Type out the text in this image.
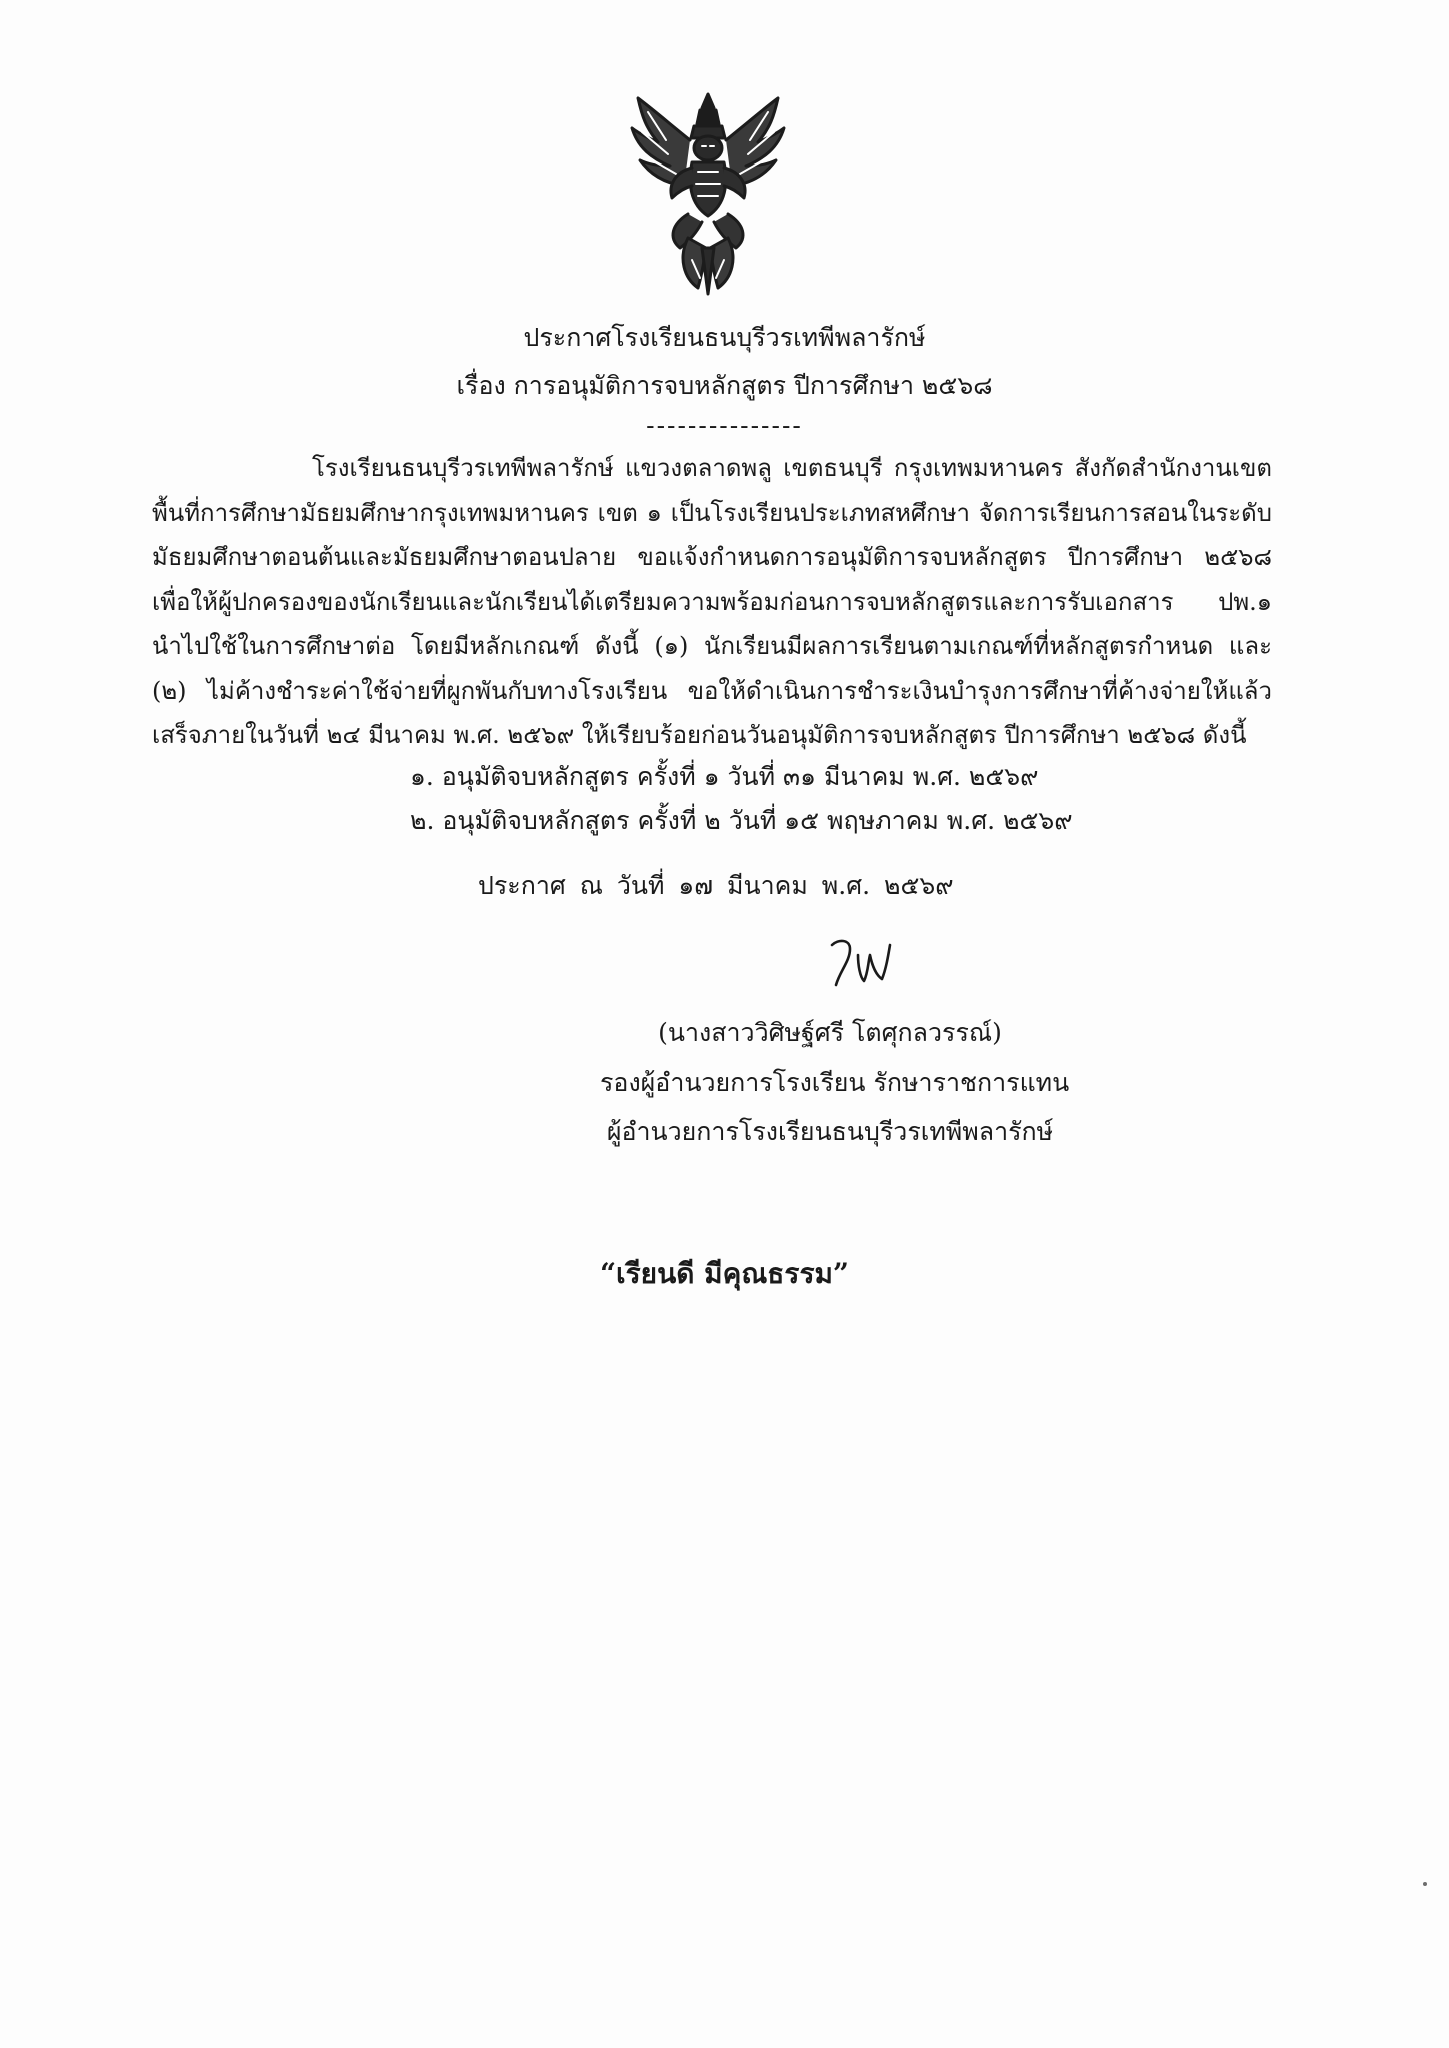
ประกาศโรงเรียนธนบุรีวรเทพีพลารักษ์
เรื่อง การอนุมัติการจบหลักสูตร ปีการศึกษา ๒๕๖๘
---------------
โรงเรียนธนบุรีวรเทพีพลารักษ์ แขวงตลาดพลู เขตธนบุรี กรุงเทพมหานคร สังกัดสำนักงานเขตพื้นที่การศึกษามัธยมศึกษากรุงเทพมหานคร เขต ๑ เป็นโรงเรียนประเภทสหศึกษา จัดการเรียนการสอนในระดับมัธยมศึกษาตอนต้นและมัธยมศึกษาตอนปลาย ขอแจ้งกำหนดการอนุมัติการจบหลักสูตร ปีการศึกษา ๒๕๖๘ เพื่อให้ผู้ปกครองของนักเรียนและนักเรียนได้เตรียมความพร้อมก่อนการจบหลักสูตรและการรับเอกสาร ปพ.๑ นำไปใช้ในการศึกษาต่อ โดยมีหลักเกณฑ์ ดังนี้ (๑) นักเรียนมีผลการเรียนตามเกณฑ์ที่หลักสูตรกำหนด และ (๒) ไม่ค้างชำระค่าใช้จ่ายที่ผูกพันกับทางโรงเรียน ขอให้ดำเนินการชำระเงินบำรุงการศึกษาที่ค้างจ่ายให้แล้วเสร็จภายในวันที่ ๒๔ มีนาคม พ.ศ. ๒๕๖๙ ให้เรียบร้อยก่อนวันอนุมัติการจบหลักสูตร ปีการศึกษา ๒๕๖๘ ดังนี้
๑. อนุมัติจบหลักสูตร ครั้งที่ ๑ วันที่ ๓๑ มีนาคม พ.ศ. ๒๕๖๙
๒. อนุมัติจบหลักสูตร ครั้งที่ ๒ วันที่ ๑๕ พฤษภาคม พ.ศ. ๒๕๖๙
ประกาศ ณ วันที่ ๑๗ มีนาคม พ.ศ. ๒๕๖๙
(นางสาววิศิษฐ์ศรี โตศุกลวรรณ์)
รองผู้อำนวยการโรงเรียน รักษาราชการแทน
ผู้อำนวยการโรงเรียนธนบุรีวรเทพีพลารักษ์
“เรียนดี มีคุณธรรม”
